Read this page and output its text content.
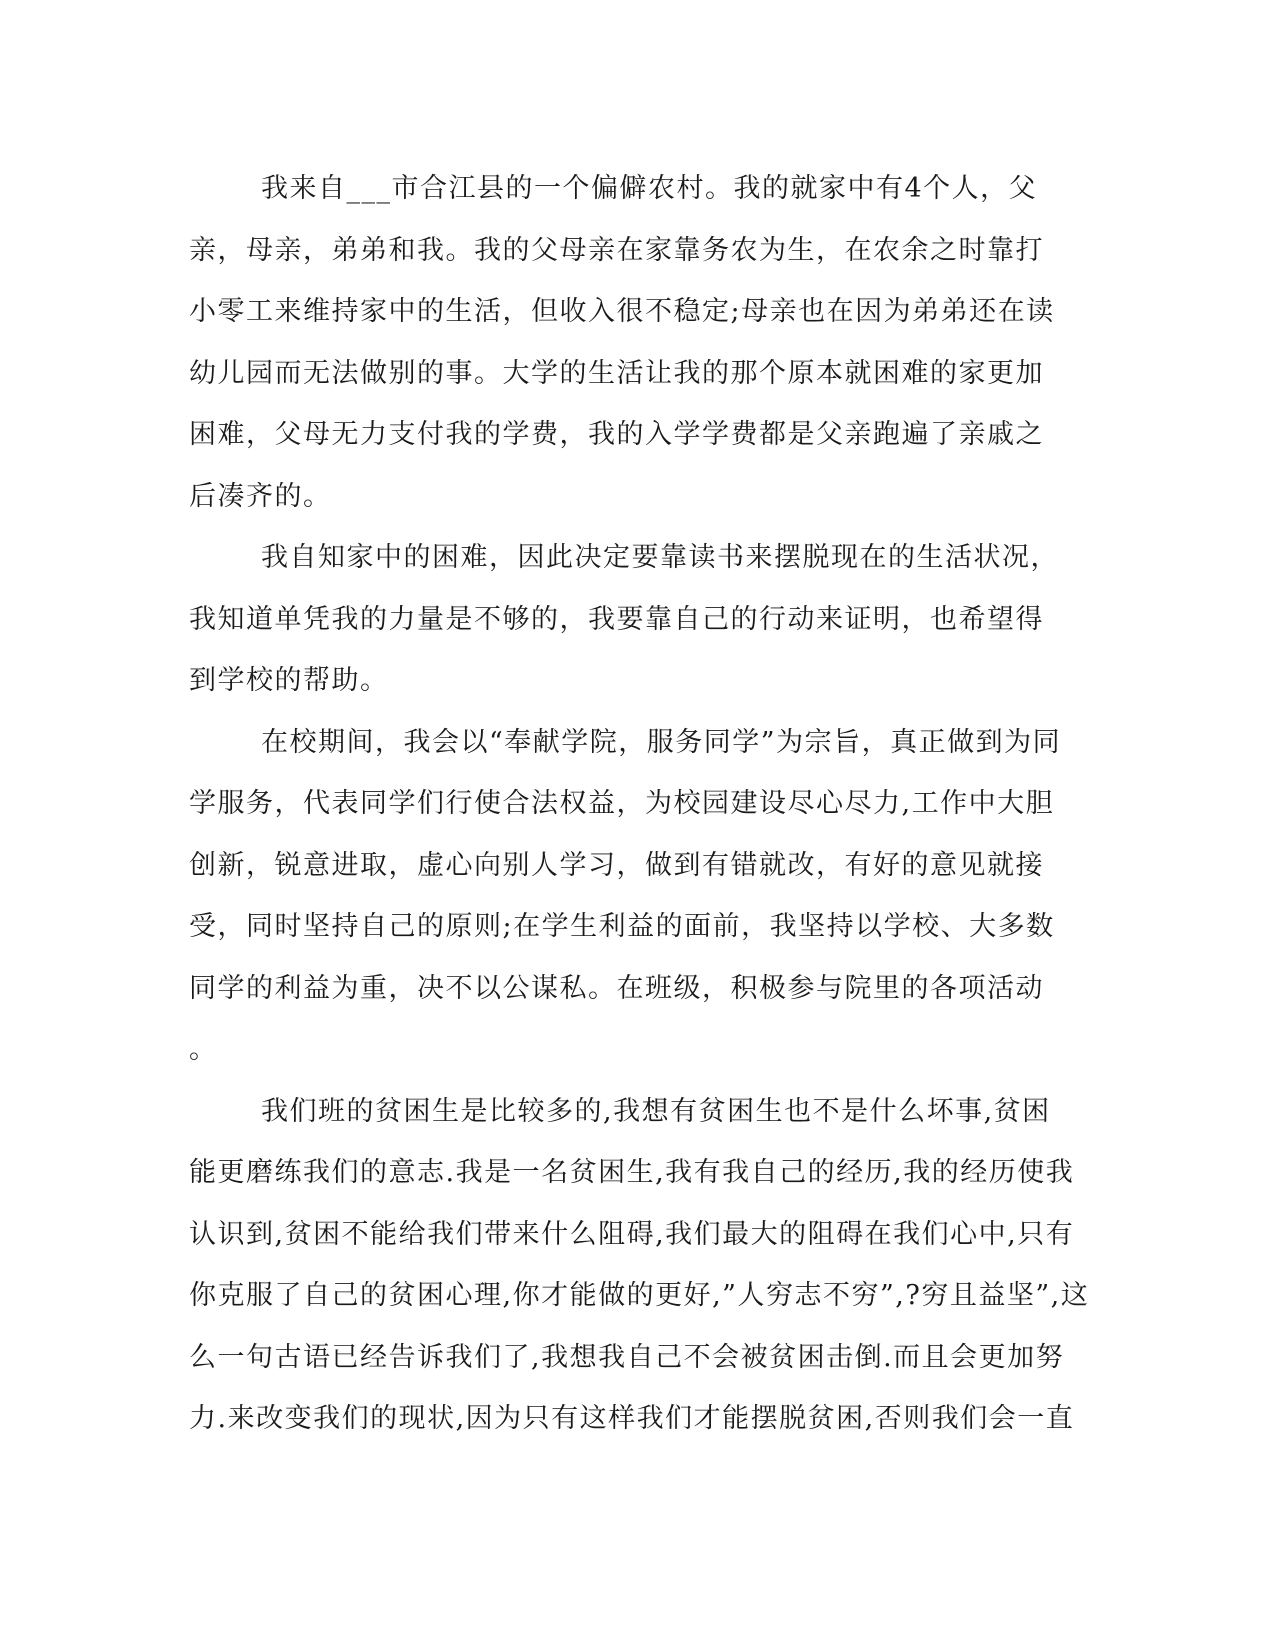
我来自___市合江县的一个偏僻农村。我的就家中有4个人，父
亲，母亲，弟弟和我。我的父母亲在家靠务农为生，在农余之时靠打
小零工来维持家中的生活，但收入很不稳定;母亲也在因为弟弟还在读
幼儿园而无法做别的事。大学的生活让我的那个原本就困难的家更加
困难，父母无力支付我的学费，我的入学学费都是父亲跑遍了亲戚之
后凑齐的。
我自知家中的困难，因此决定要靠读书来摆脱现在的生活状况，
我知道单凭我的力量是不够的，我要靠自己的行动来证明，也希望得
到学校的帮助。
在校期间，我会以“奉献学院，服务同学”为宗旨，真正做到为同
学服务，代表同学们行使合法权益，为校园建设尽心尽力,工作中大胆
创新，锐意进取，虚心向别人学习，做到有错就改，有好的意见就接
受，同时坚持自己的原则;在学生利益的面前，我坚持以学校、大多数
同学的利益为重，决不以公谋私。在班级，积极参与院里的各项活动
。
我们班的贫困生是比较多的,我想有贫困生也不是什么坏事,贫困
能更磨练我们的意志.我是一名贫困生,我有我自己的经历,我的经历使我
认识到,贫困不能给我们带来什么阻碍,我们最大的阻碍在我们心中,只有
你克服了自己的贫困心理,你才能做的更好,”人穷志不穷”,?穷且益坚”,这
么一句古语已经告诉我们了,我想我自己不会被贫困击倒.而且会更加努
力.来改变我们的现状,因为只有这样我们才能摆脱贫困,否则我们会一直
